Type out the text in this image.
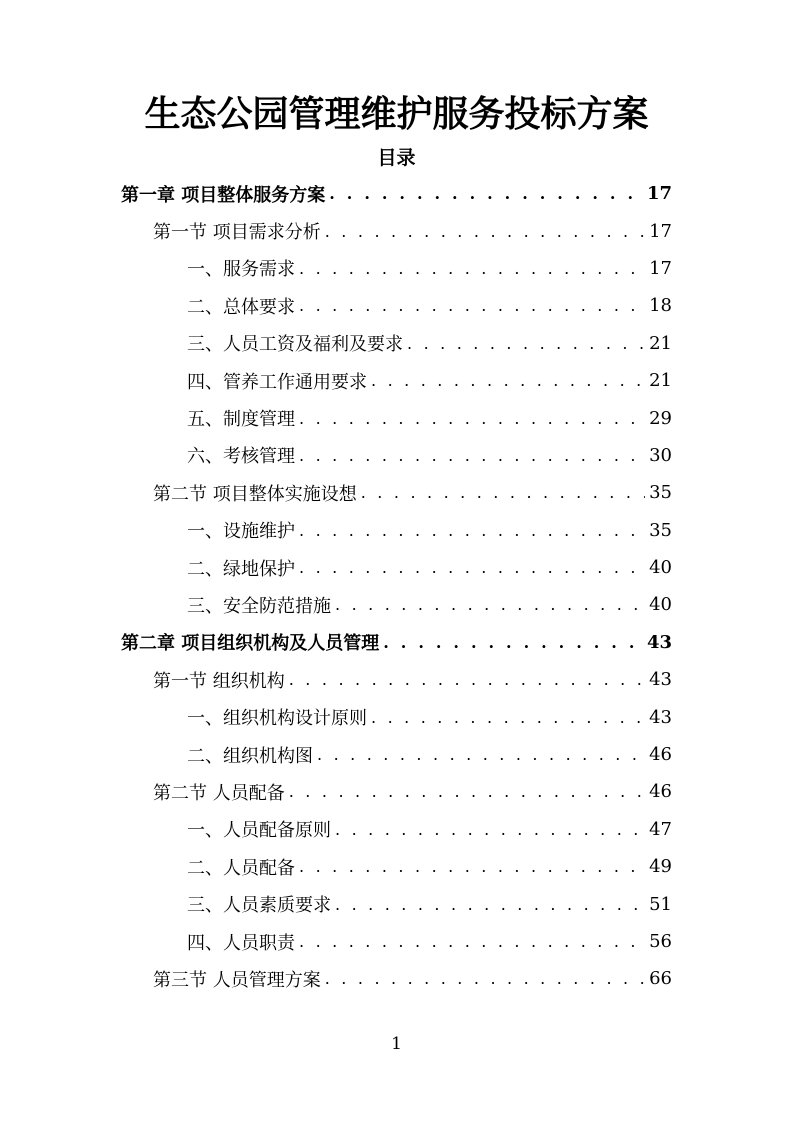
生态公园管理维护服务投标方案
目录
第一章 项目整体服务方案 . . .	17
第一节 项目需求分析 . . .	17
一、服务需求 . . .	17
二、总体要求 . . .	18
三、人员工资及福利及要求 . . .	21
四、管养工作通用要求 . . .	21
五、制度管理 . . .	29
六、考核管理 . . .	30
第二节 项目整体实施设想 . . .	35
一、设施维护 . . .	35
二、绿地保护 . . .	40
三、安全防范措施 . . .	40
第二章 项目组织机构及人员管理 . . .	43
第一节 组织机构 . . .	43
一、组织机构设计原则 . . .	43
二、组织机构图 . . .	46
第二节 人员配备 . . .	46
一、人员配备原则 . . .	47
二、人员配备 . . .	49
三、人员素质要求 . . .	51
四、人员职责 . . .	56
第三节 人员管理方案 . . .	66
1
